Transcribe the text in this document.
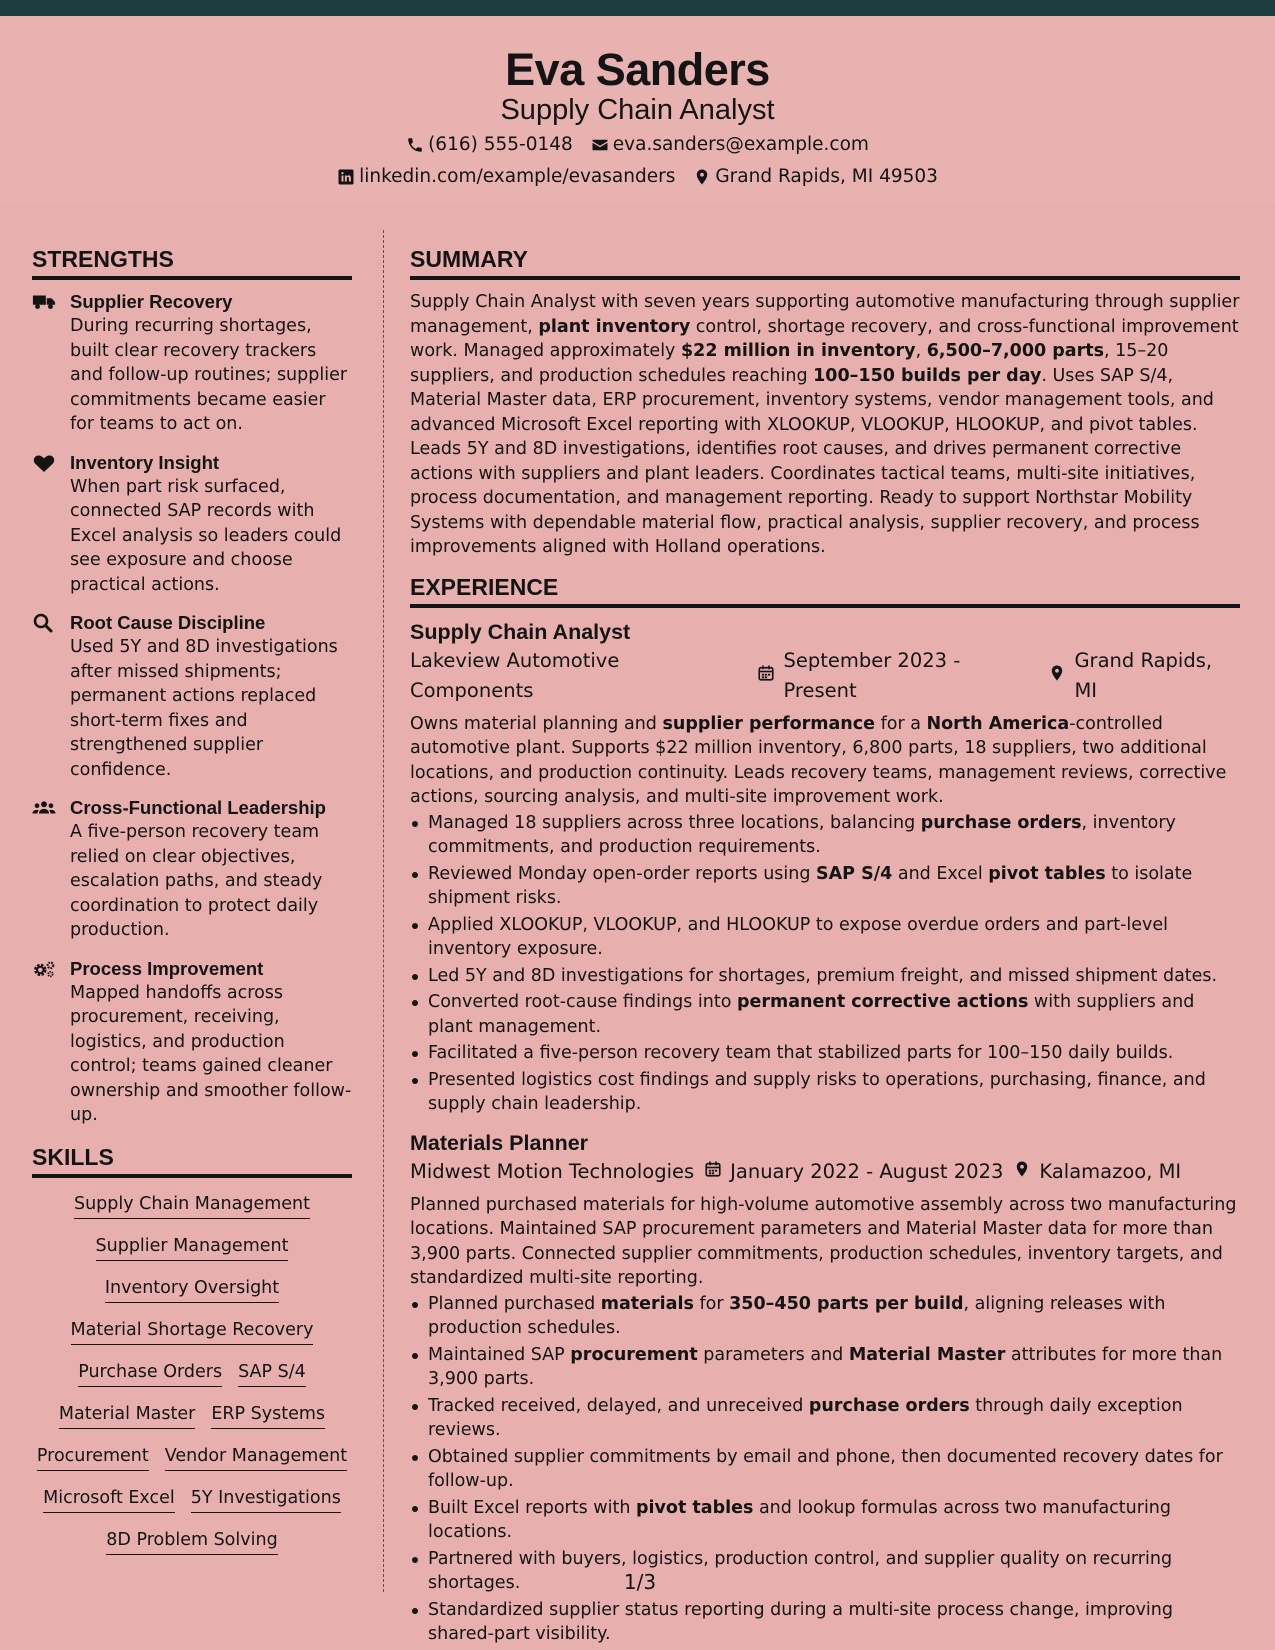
Eva Sanders
Supply Chain Analyst
(616) 555-0148 eva.sanders@example.com
linkedin.com/example/evasanders Grand Rapids, MI 49503
STRENGTHS
Supplier Recovery
During recurring shortages, built clear recovery trackers and follow-up routines; supplier commitments became easier for teams to act on.
Inventory Insight
When part risk surfaced, connected SAP records with Excel analysis so leaders could see exposure and choose practical actions.
Root Cause Discipline
Used 5Y and 8D investigations after missed shipments; permanent actions replaced short-term fixes and strengthened supplier confidence.
Cross-Functional Leadership
A five-person recovery team relied on clear objectives, escalation paths, and steady coordination to protect daily production.
Process Improvement
Mapped handoffs across procurement, receiving, logistics, and production control; teams gained cleaner ownership and smoother follow-up.
SKILLS
Supply Chain Management
Supplier Management
Inventory Oversight
Material Shortage Recovery
Purchase Orders SAP S/4
Material Master ERP Systems
Procurement Vendor Management
Microsoft Excel 5Y Investigations
8D Problem Solving
SUMMARY
Supply Chain Analyst with seven years supporting automotive manufacturing through supplier management, plant inventory control, shortage recovery, and cross-functional improvement work. Managed approximately $22 million in inventory, 6,500–7,000 parts, 15–20 suppliers, and production schedules reaching 100–150 builds per day. Uses SAP S/4, Material Master data, ERP procurement, inventory systems, vendor management tools, and advanced Microsoft Excel reporting with XLOOKUP, VLOOKUP, HLOOKUP, and pivot tables. Leads 5Y and 8D investigations, identifies root causes, and drives permanent corrective actions with suppliers and plant leaders. Coordinates tactical teams, multi-site initiatives, process documentation, and management reporting. Ready to support Northstar Mobility Systems with dependable material flow, practical analysis, supplier recovery, and process improvements aligned with Holland operations.
EXPERIENCE
Supply Chain Analyst
Lakeview Automotive Components
September 2023 - Present
Grand Rapids, MI
Owns material planning and supplier performance for a North America-controlled automotive plant. Supports $22 million inventory, 6,800 parts, 18 suppliers, two additional locations, and production continuity. Leads recovery teams, management reviews, corrective actions, sourcing analysis, and multi-site improvement work.
Managed 18 suppliers across three locations, balancing purchase orders, inventory commitments, and production requirements.
Reviewed Monday open-order reports using SAP S/4 and Excel pivot tables to isolate shipment risks.
Applied XLOOKUP, VLOOKUP, and HLOOKUP to expose overdue orders and part-level inventory exposure.
Led 5Y and 8D investigations for shortages, premium freight, and missed shipment dates.
Converted root-cause findings into permanent corrective actions with suppliers and plant management.
Facilitated a five-person recovery team that stabilized parts for 100–150 daily builds.
Presented logistics cost findings and supply risks to operations, purchasing, finance, and supply chain leadership.
Materials Planner
Midwest Motion Technologies January 2022 - August 2023 Kalamazoo, MI
Planned purchased materials for high-volume automotive assembly across two manufacturing locations. Maintained SAP procurement parameters and Material Master data for more than 3,900 parts. Connected supplier commitments, production schedules, inventory targets, and standardized multi-site reporting.
Planned purchased materials for 350–450 parts per build, aligning releases with production schedules.
Maintained SAP procurement parameters and Material Master attributes for more than 3,900 parts.
Tracked received, delayed, and unreceived purchase orders through daily exception reviews.
Obtained supplier commitments by email and phone, then documented recovery dates for follow-up.
Built Excel reports with pivot tables and lookup formulas across two manufacturing locations.
Partnered with buyers, logistics, production control, and supplier quality on recurring shortages.
Standardized supplier status reporting during a multi-site process change, improving shared-part visibility.
1/3
